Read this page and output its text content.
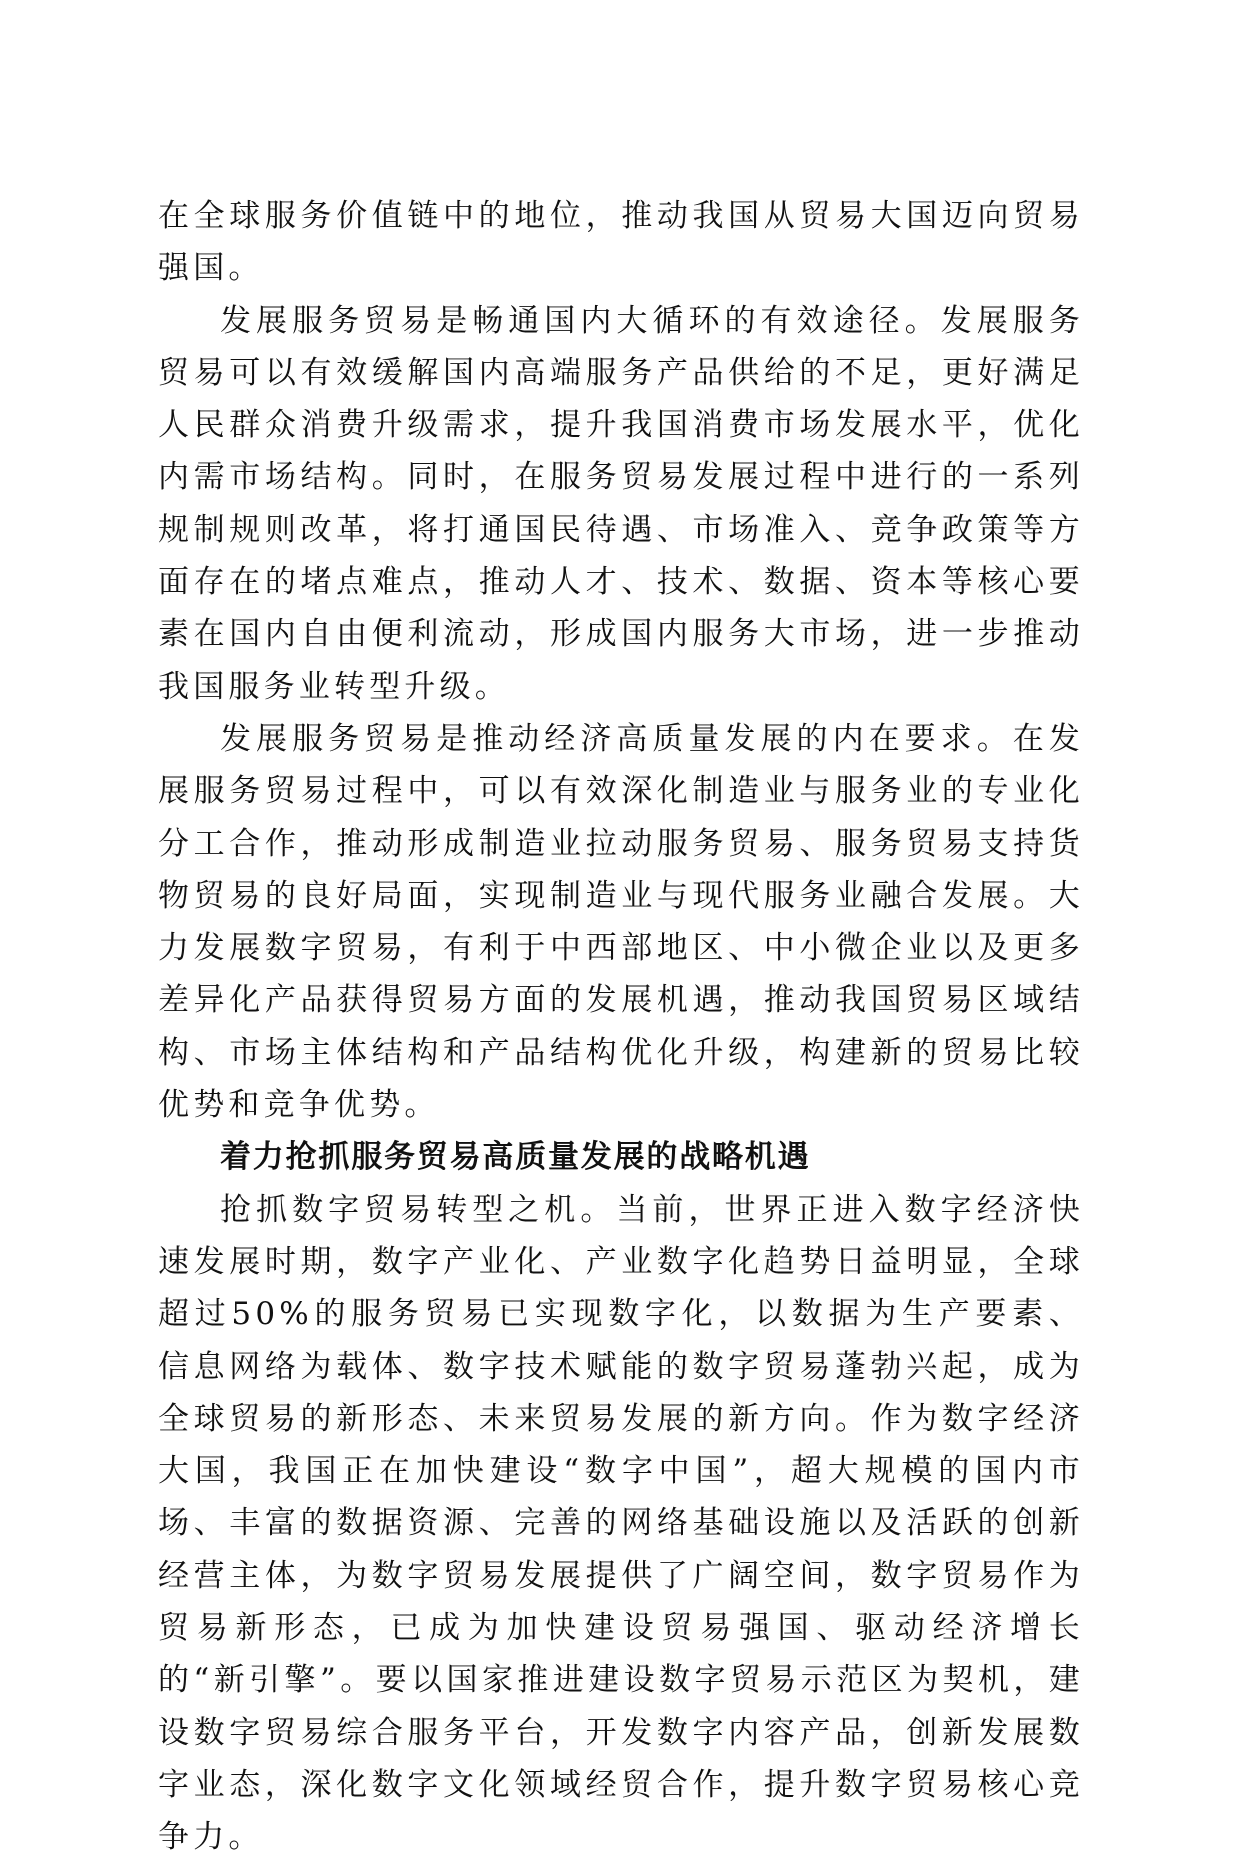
在全球服务价值链中的地位，推动我国从贸易大国迈向贸易强国。

发展服务贸易是畅通国内大循环的有效途径。发展服务贸易可以有效缓解国内高端服务产品供给的不足，更好满足人民群众消费升级需求，提升我国消费市场发展水平，优化内需市场结构。同时，在服务贸易发展过程中进行的一系列规制规则改革，将打通国民待遇、市场准入、竞争政策等方面存在的堵点难点，推动人才、技术、数据、资本等核心要素在国内自由便利流动，形成国内服务大市场，进一步推动我国服务业转型升级。

发展服务贸易是推动经济高质量发展的内在要求。在发展服务贸易过程中，可以有效深化制造业与服务业的专业化分工合作，推动形成制造业拉动服务贸易、服务贸易支持货物贸易的良好局面，实现制造业与现代服务业融合发展。大力发展数字贸易，有利于中西部地区、中小微企业以及更多差异化产品获得贸易方面的发展机遇，推动我国贸易区域结构、市场主体结构和产品结构优化升级，构建新的贸易比较优势和竞争优势。

着力抢抓服务贸易高质量发展的战略机遇

抢抓数字贸易转型之机。当前，世界正进入数字经济快速发展时期，数字产业化、产业数字化趋势日益明显，全球超过50%的服务贸易已实现数字化，以数据为生产要素、信息网络为载体、数字技术赋能的数字贸易蓬勃兴起，成为全球贸易的新形态、未来贸易发展的新方向。作为数字经济大国，我国正在加快建设“数字中国”，超大规模的国内市场、丰富的数据资源、完善的网络基础设施以及活跃的创新经营主体，为数字贸易发展提供了广阔空间，数字贸易作为贸易新形态，已成为加快建设贸易强国、驱动经济增长的“新引擎”。要以国家推进建设数字贸易示范区为契机，建设数字贸易综合服务平台，开发数字内容产品，创新发展数字业态，深化数字文化领域经贸合作，提升数字贸易核心竞争力。
